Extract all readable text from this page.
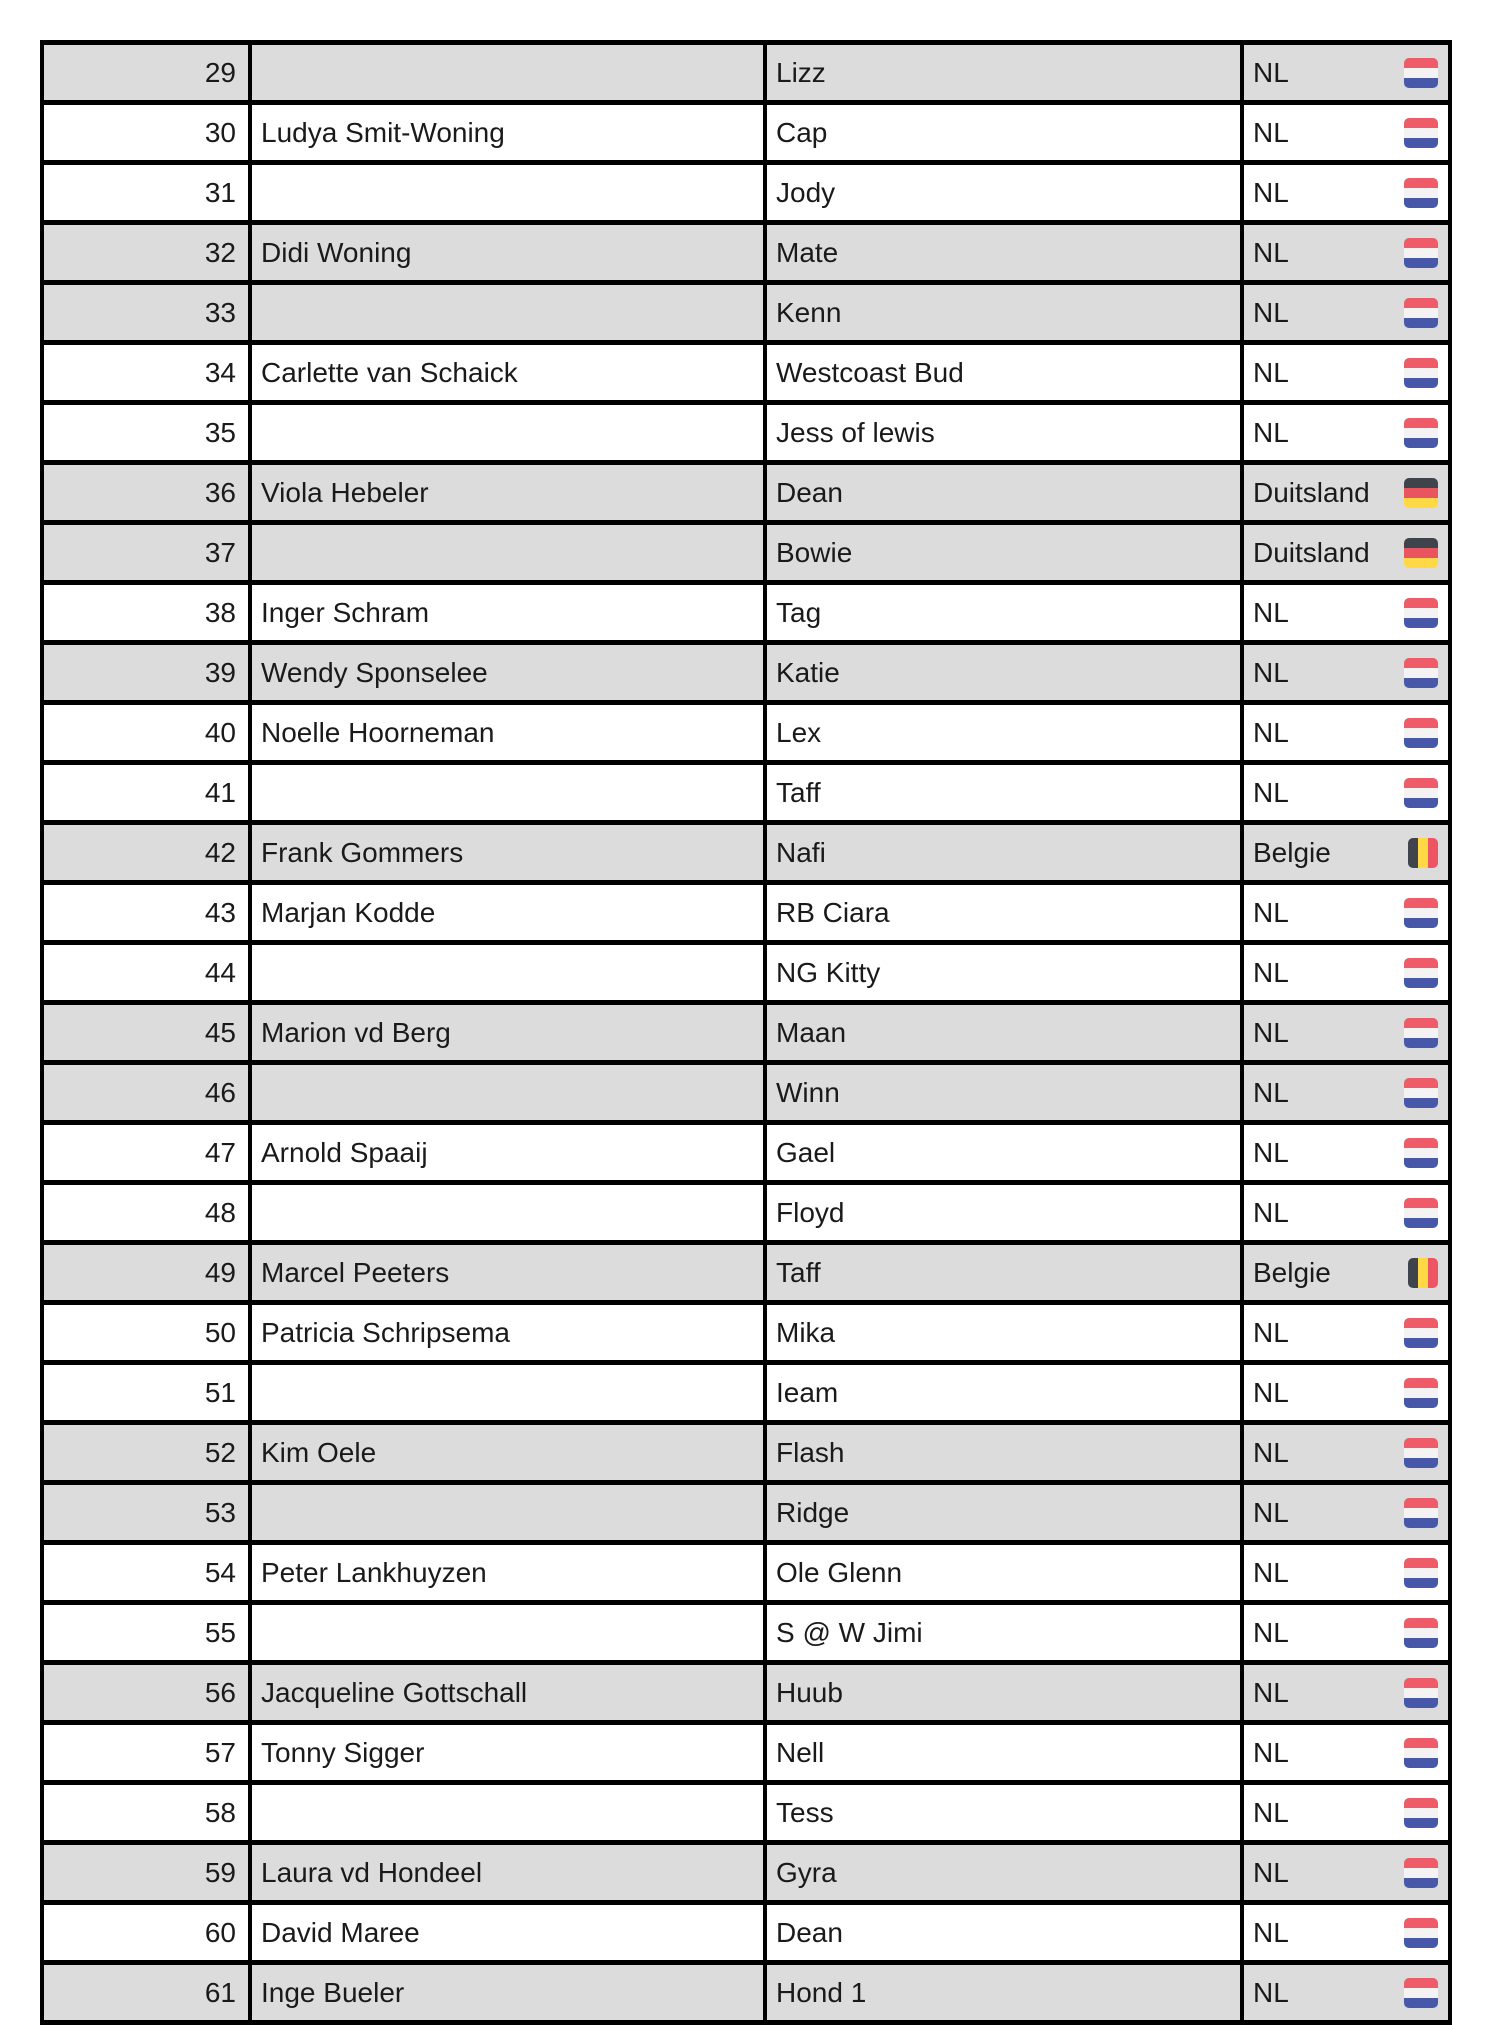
29		Lizz	NL

30	Ludya Smit-Woning	Cap	NL

31		Jody	NL

32	Didi Woning	Mate	NL

33		Kenn	NL

34	Carlette van Schaick	Westcoast Bud	NL

35		Jess of lewis	NL

36	Viola Hebeler	Dean	Duitsland

37		Bowie	Duitsland

38	Inger Schram	Tag	NL

39	Wendy Sponselee	Katie	NL

40	Noelle Hoorneman	Lex	NL

41		Taff	NL

42	Frank Gommers	Nafi	Belgie

43	Marjan Kodde	RB Ciara	NL

44		NG Kitty	NL

45	Marion vd Berg	Maan	NL

46		Winn	NL

47	Arnold Spaaij	Gael	NL

48		Floyd	NL

49	Marcel Peeters	Taff	Belgie

50	Patricia Schripsema	Mika	NL

51		Ieam	NL

52	Kim Oele	Flash	NL

53		Ridge	NL

54	Peter Lankhuyzen	Ole Glenn	NL

55		S @ W Jimi	NL

56	Jacqueline Gottschall	Huub	NL

57	Tonny Sigger	Nell	NL

58		Tess	NL

59	Laura vd Hondeel	Gyra	NL

60	David Maree	Dean	NL

61	Inge Bueler	Hond 1	NL
